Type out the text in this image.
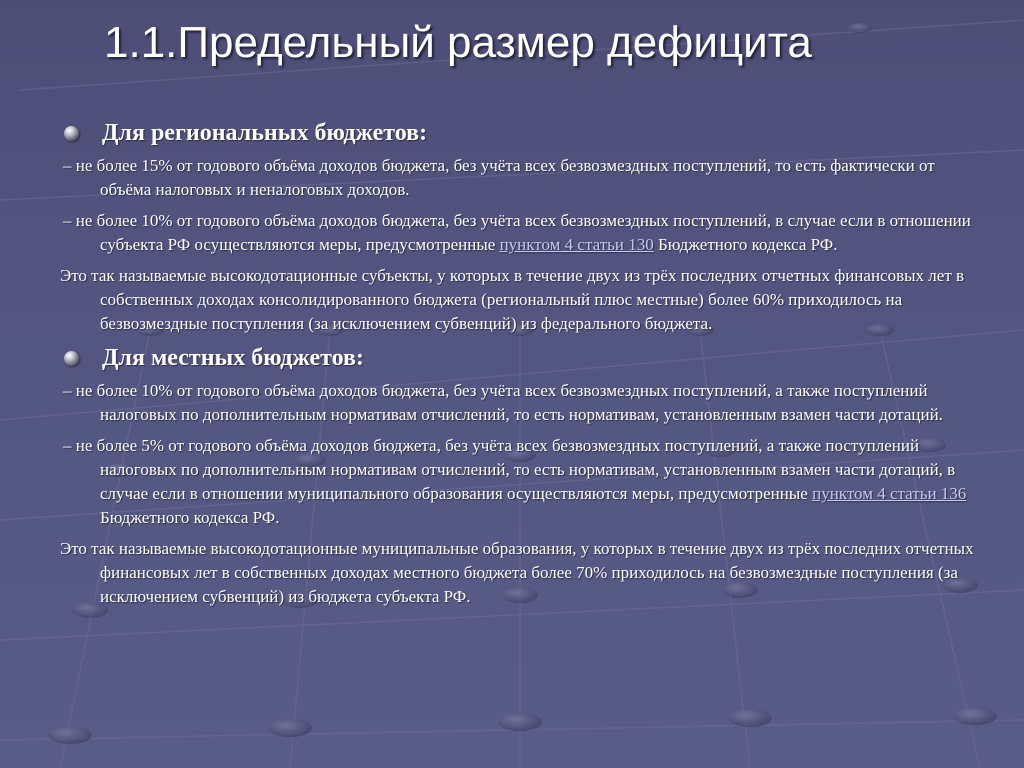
1.1.Предельный размер дефицита
Для региональных бюджетов:

– не более 15% от годового объёма доходов бюджета, без учёта всех безвозмездных поступлений, то есть фактически от объёма налоговых и неналоговых доходов.

– не более 10% от годового объёма доходов бюджета, без учёта всех безвозмездных поступлений, в случае если в отношении субъекта РФ осуществляются меры, предусмотренные пунктом 4 статьи 130 Бюджетного кодекса РФ.

Это так называемые высокодотационные субъекты, у которых в течение двух из трёх последних отчетных финансовых лет в собственных доходах консолидированного бюджета (региональный плюс местные) более 60% приходилось на безвозмездные поступления (за исключением субвенций) из федерального бюджета.

Для местных бюджетов:

– не более 10% от годового объёма доходов бюджета, без учёта всех безвозмездных поступлений, а также поступлений налоговых по дополнительным нормативам отчислений, то есть нормативам, установленным взамен части дотаций.

– не более 5% от годового объёма доходов бюджета, без учёта всех безвозмездных поступлений, а также поступлений налоговых по дополнительным нормативам отчислений, то есть нормативам, установленным взамен части дотаций, в случае если в отношении муниципального образования осуществляются меры, предусмотренные пунктом 4 статьи 136 Бюджетного кодекса РФ.

Это так называемые высокодотационные муниципальные образования, у которых в течение двух из трёх последних отчетных финансовых лет в собственных доходах местного бюджета более 70% приходилось на безвозмездные поступления (за исключением субвенций) из бюджета субъекта РФ.
